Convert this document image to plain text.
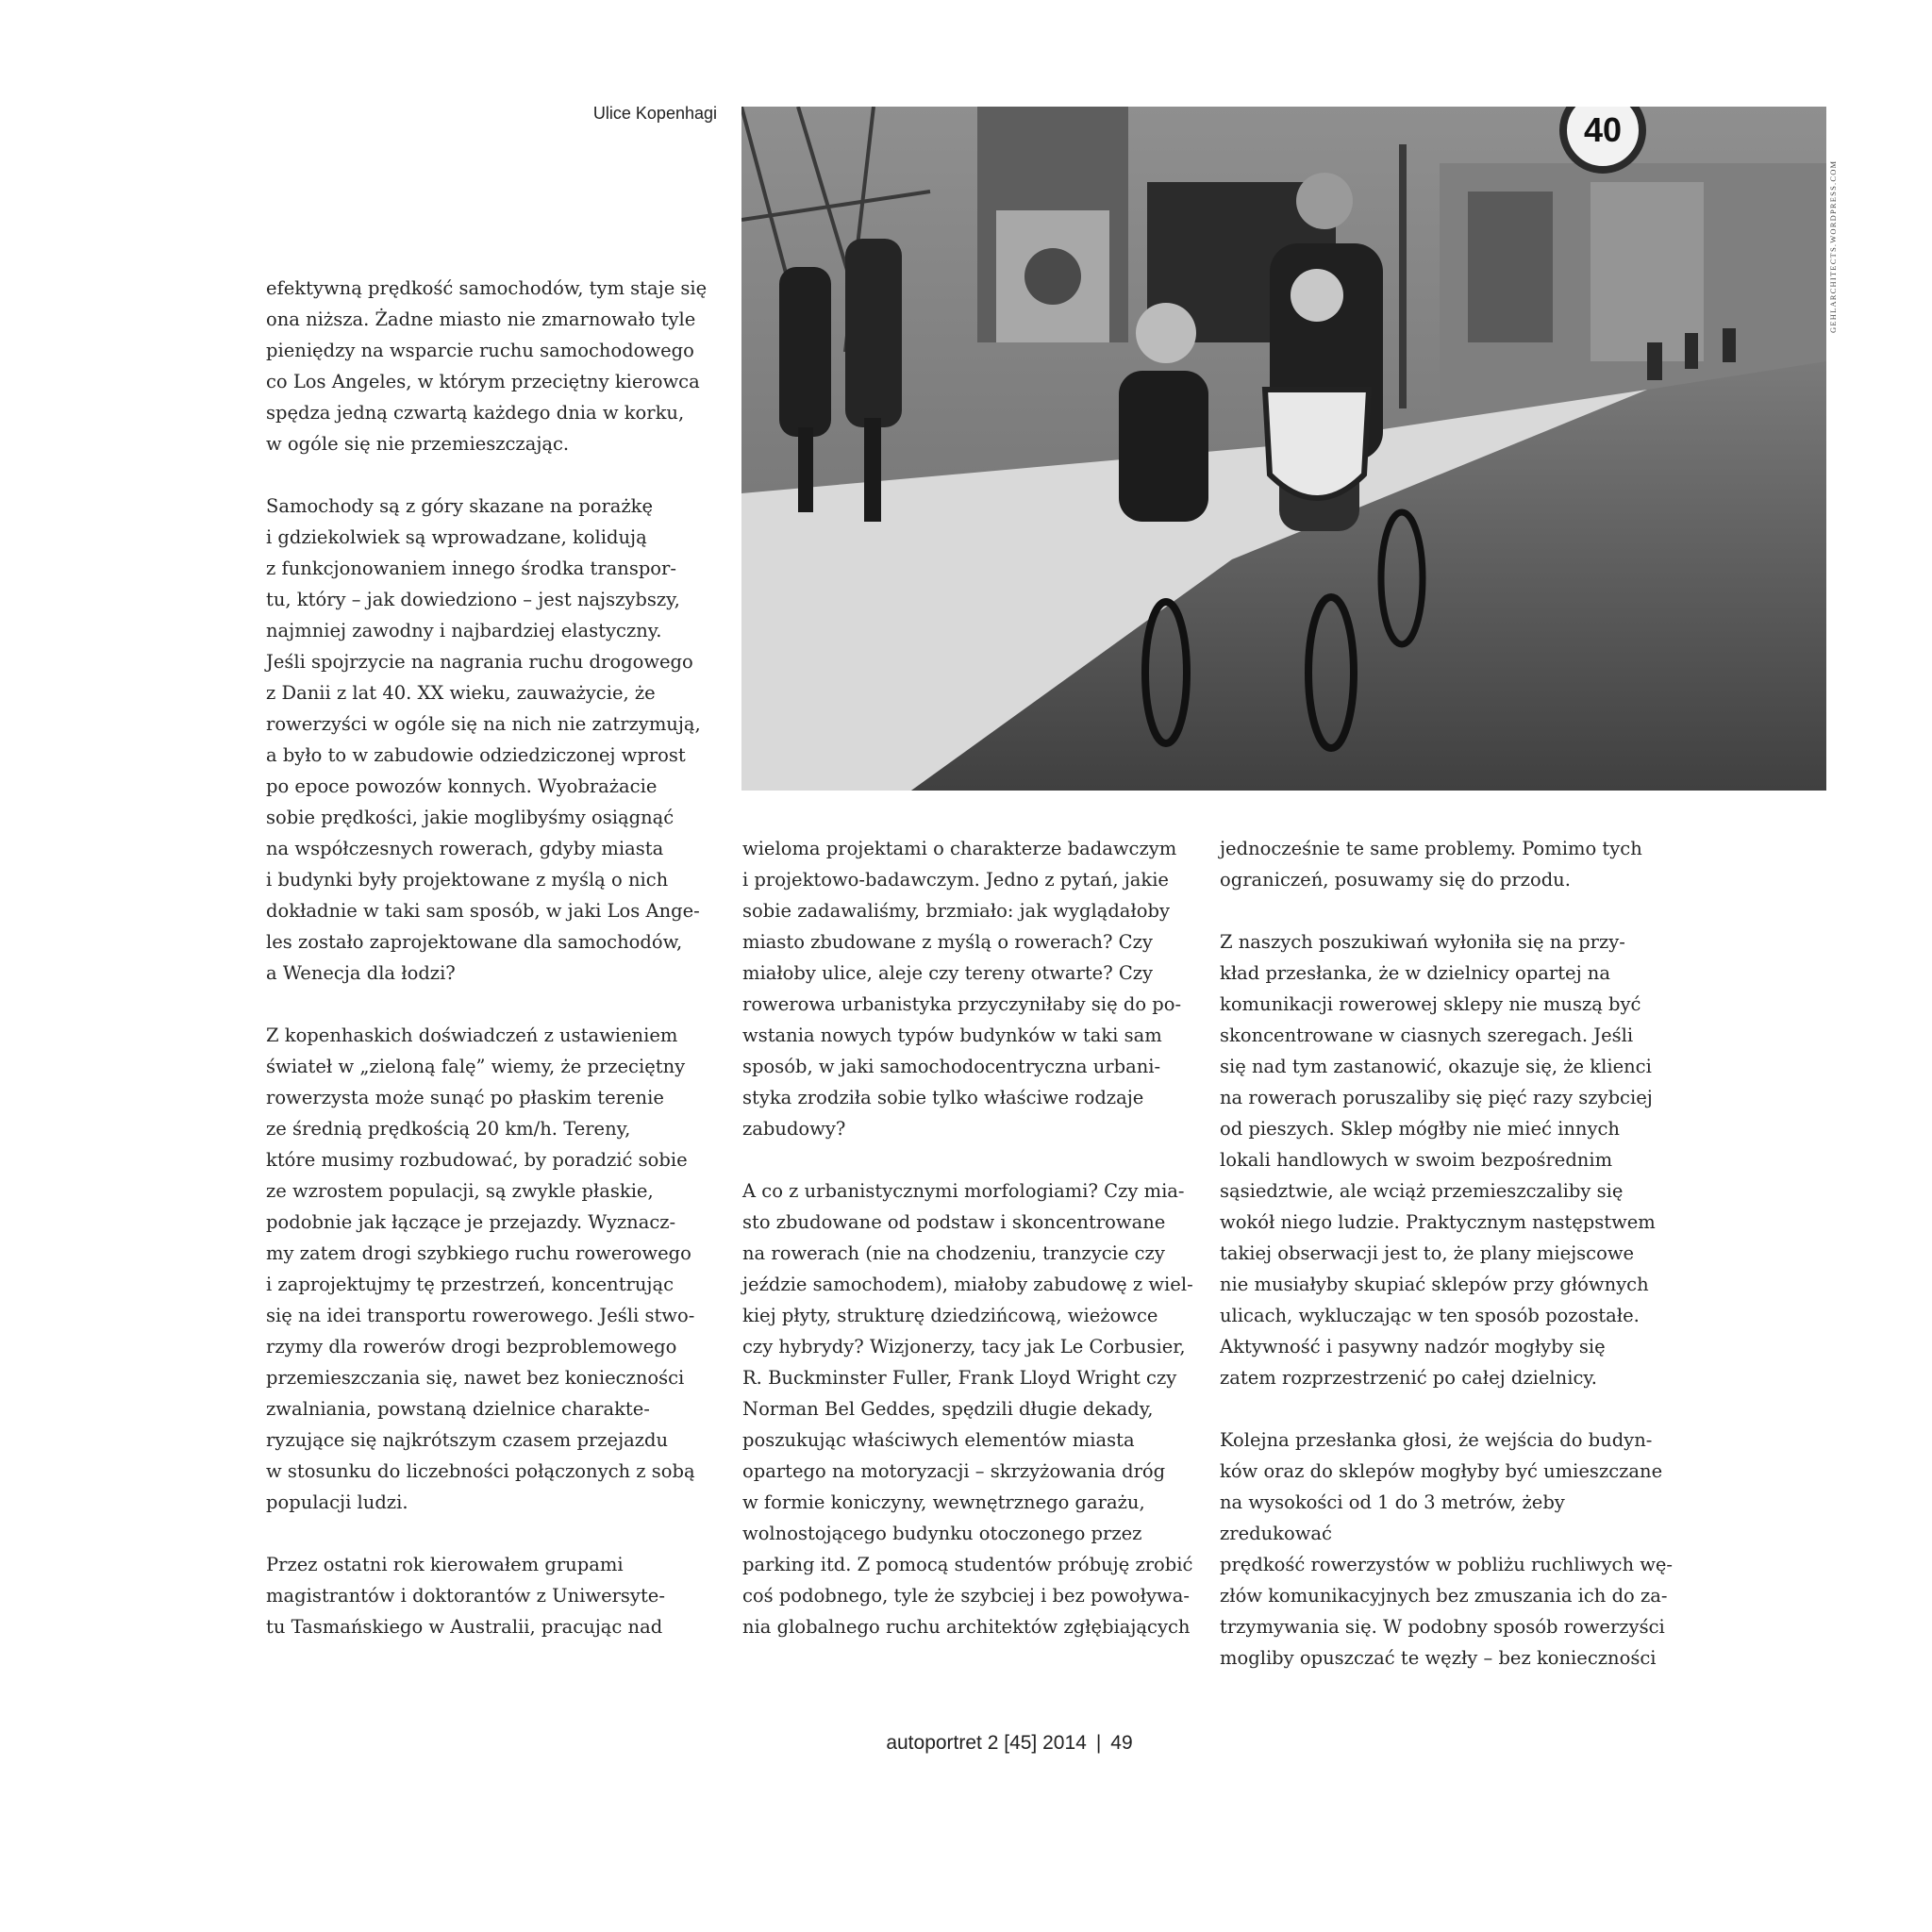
Ulice Kopenhagi	40
GEHLARCHITECTS.WORDPRESS.COM

efektywną prędkość samochodów, tym staje się
ona niższa. Żadne miasto nie zmarnowało tyle
pieniędzy na wsparcie ruchu samochodowego
co Los Angeles, w którym przeciętny kierowca
spędza jedną czwartą każdego dnia w korku,
w ogóle się nie przemieszczając.

Samochody są z góry skazane na porażkę
i gdziekolwiek są wprowadzane, kolidują
z funkcjonowaniem innego środka transpor-
tu, który – jak dowiedziono – jest najszybszy,
najmniej zawodny i najbardziej elastyczny.
Jeśli spojrzycie na nagrania ruchu drogowego
z Danii z lat 40. XX wieku, zauważycie, że
rowerzyści w ogóle się na nich nie zatrzymują,
a było to w zabudowie odziedziczonej wprost
po epoce powozów konnych. Wyobrażacie
sobie prędkości, jakie moglibyśmy osiągnąć
na współczesnych rowerach, gdyby miasta
i budynki były projektowane z myślą o nich
dokładnie w taki sam sposób, w jaki Los Ange-
les zostało zaprojektowane dla samochodów,
a Wenecja dla łodzi?

Z kopenhaskich doświadczeń z ustawieniem
świateł w „zieloną falę” wiemy, że przeciętny
rowerzysta może sunąć po płaskim terenie
ze średnią prędkością 20 km/h. Tereny,
które musimy rozbudować, by poradzić sobie
ze wzrostem populacji, są zwykle płaskie,
podobnie jak łączące je przejazdy. Wyznacz-
my zatem drogi szybkiego ruchu rowerowego
i zaprojektujmy tę przestrzeń, koncentrując
się na idei transportu rowerowego. Jeśli stwo-
rzymy dla rowerów drogi bezproblemowego
przemieszczania się, nawet bez konieczności
zwalniania, powstaną dzielnice charakte-
ryzujące się najkrótszym czasem przejazdu
w stosunku do liczebności połączonych z sobą
populacji ludzi.

Przez ostatni rok kierowałem grupami
magistrantów i doktorantów z Uniwersyte-
tu Tasmańskiego w Australii, pracując nad

wieloma projektami o charakterze badawczym
i projektowo-badawczym. Jedno z pytań, jakie
sobie zadawaliśmy, brzmiało: jak wyglądałoby
miasto zbudowane z myślą o rowerach? Czy
miałoby ulice, aleje czy tereny otwarte? Czy
rowerowa urbanistyka przyczyniłaby się do po-
wstania nowych typów budynków w taki sam
sposób, w jaki samochodocentryczna urbani-
styka zrodziła sobie tylko właściwe rodzaje
zabudowy?

A co z urbanistycznymi morfologiami? Czy mia-
sto zbudowane od podstaw i skoncentrowane
na rowerach (nie na chodzeniu, tranzycie czy
jeździe samochodem), miałoby zabudowę z wiel-
kiej płyty, strukturę dziedzińcową, wieżowce
czy hybrydy? Wizjonerzy, tacy jak Le Corbusier,
R. Buckminster Fuller, Frank Lloyd Wright czy
Norman Bel Geddes, spędzili długie dekady,
poszukując właściwych elementów miasta
opartego na motoryzacji – skrzyżowania dróg
w formie koniczyny, wewnętrznego garażu,
wolnostojącego budynku otoczonego przez
parking itd. Z pomocą studentów próbuję zrobić
coś podobnego, tyle że szybciej i bez powoływa-
nia globalnego ruchu architektów zgłębiających

jednocześnie te same problemy. Pomimo tych
ograniczeń, posuwamy się do przodu.

Z naszych poszukiwań wyłoniła się na przy-
kład przesłanka, że w dzielnicy opartej na
komunikacji rowerowej sklepy nie muszą być
skoncentrowane w ciasnych szeregach. Jeśli
się nad tym zastanowić, okazuje się, że klienci
na rowerach poruszaliby się pięć razy szybciej
od pieszych. Sklep mógłby nie mieć innych
lokali handlowych w swoim bezpośrednim
sąsiedztwie, ale wciąż przemieszczaliby się
wokół niego ludzie. Praktycznym następstwem
takiej obserwacji jest to, że plany miejscowe
nie musiałyby skupiać sklepów przy głównych
ulicach, wykluczając w ten sposób pozostałe.
Aktywność i pasywny nadzór mogłyby się
zatem rozprzestrzenić po całej dzielnicy.

Kolejna przesłanka głosi, że wejścia do budyn-
ków oraz do sklepów mogłyby być umieszczane
na wysokości od 1 do 3 metrów, żeby zredukować
prędkość rowerzystów w pobliżu ruchliwych wę-
złów komunikacyjnych bez zmuszania ich do za-
trzymywania się. W podobny sposób rowerzyści
mogliby opuszczać te węzły – bez konieczności

autoportret 2 [45] 2014 | 49
